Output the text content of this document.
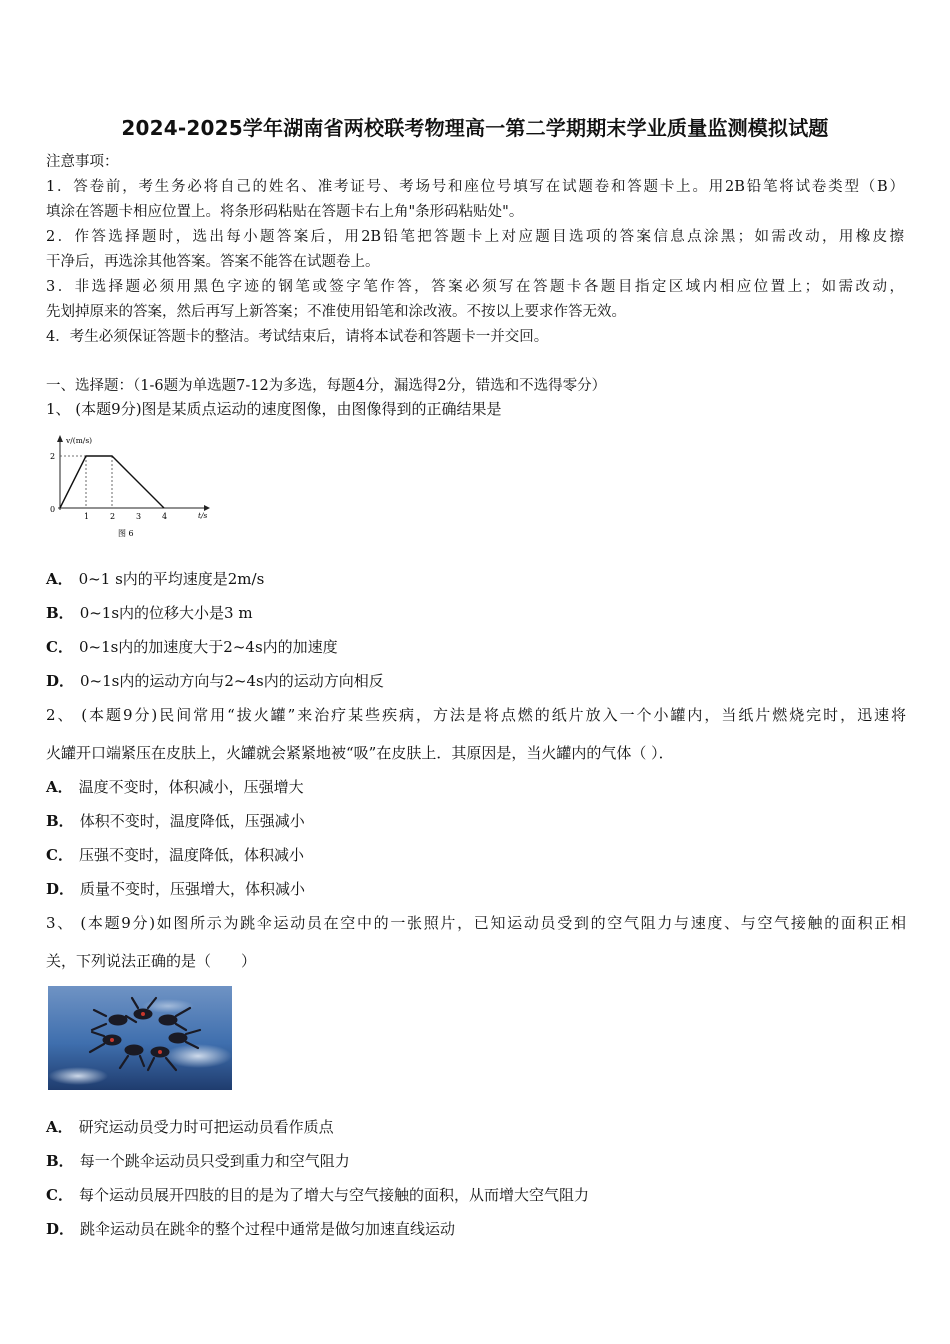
2024-2025学年湖南省两校联考物理高一第二学期期末学业质量监测模拟试题
注意事项：
1．答卷前，考生务必将自己的姓名、准考证号、考场号和座位号填写在试题卷和答题卡上。用2B铅笔将试卷类型（B）
填涂在答题卡相应位置上。将条形码粘贴在答题卡右上角"条形码粘贴处"。
2．作答选择题时，选出每小题答案后，用2B铅笔把答题卡上对应题目选项的答案信息点涂黑；如需改动，用橡皮擦
干净后，再选涂其他答案。答案不能答在试题卷上。
3．非选择题必须用黑色字迹的钢笔或签字笔作答，答案必须写在答题卡各题目指定区域内相应位置上；如需改动，
先划掉原来的答案，然后再写上新答案；不准使用铅笔和涂改液。不按以上要求作答无效。
4．考生必须保证答题卡的整洁。考试结束后，请将本试卷和答题卡一并交回。
一、选择题：（1-6题为单选题7-12为多选，每题4分，漏选得2分，错选和不选得零分）
1、 (本题9分)图是某质点运动的速度图像，由图像得到的正确结果是
v/(m/s)
t/s
2
0
1	2	3	4
图 6
A． 0~1 s内的平均速度是2m/s
B． 0~1s内的位移大小是3 m
C． 0~1s内的加速度大于2~4s内的加速度
D． 0~1s内的运动方向与2~4s内的运动方向相反
2、 (本题9分)民间常用“拔火罐”来治疗某些疾病，方法是将点燃的纸片放入一个小罐内，当纸片燃烧完时，迅速将
火罐开口端紧压在皮肤上，火罐就会紧紧地被“吸”在皮肤上．其原因是，当火罐内的气体（ ）．
A． 温度不变时，体积减小，压强增大
B． 体积不变时，温度降低，压强减小
C． 压强不变时，温度降低，体积减小
D． 质量不变时，压强增大，体积减小
3、 (本题9分)如图所示为跳伞运动员在空中的一张照片，已知运动员受到的空气阻力与速度、与空气接触的面积正相
关，下列说法正确的是（　　）
A． 研究运动员受力时可把运动员看作质点
B． 每一个跳伞运动员只受到重力和空气阻力
C． 每个运动员展开四肢的目的是为了增大与空气接触的面积，从而增大空气阻力
D． 跳伞运动员在跳伞的整个过程中通常是做匀加速直线运动
